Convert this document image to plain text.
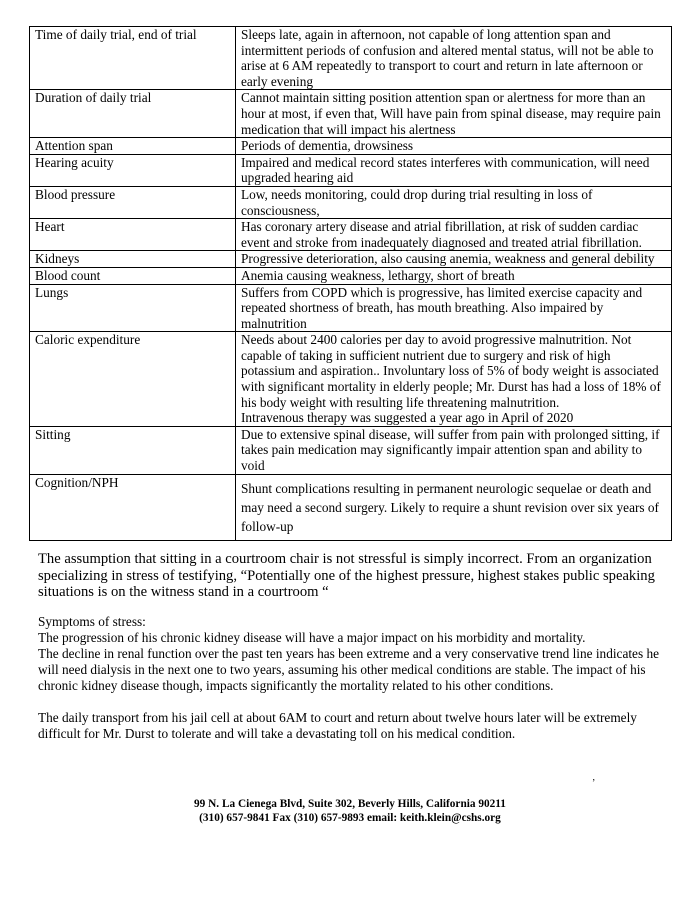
Time of daily trial, end of trial	Sleeps late, again in afternoon, not capable of long attention span and intermittent periods of confusion and altered mental status, will not be able to arise at 6 AM repeatedly to transport to court and return in late afternoon or early evening
Duration of daily trial	Cannot maintain sitting position attention span or alertness for more than an hour at most, if even that, Will have pain from spinal disease, may require pain medication that will impact his alertness
Attention span	Periods of dementia, drowsiness
Hearing acuity	Impaired and medical record states interferes with communication, will need upgraded hearing aid
Blood pressure	Low, needs monitoring, could drop during trial resulting in loss of consciousness,
Heart	Has coronary artery disease and atrial fibrillation, at risk of sudden cardiac event and stroke from inadequately diagnosed and treated atrial fibrillation.
Kidneys	Progressive deterioration, also causing anemia, weakness and general debility
Blood count	Anemia causing weakness, lethargy, short of breath
Lungs	Suffers from COPD which is progressive, has limited exercise capacity and repeated shortness of breath, has mouth breathing. Also impaired by malnutrition
Caloric expenditure	Needs about 2400 calories per day to avoid progressive malnutrition. Not capable of taking in sufficient nutrient due to surgery and risk of high potassium and aspiration.. Involuntary loss of 5% of body weight is associated with significant mortality in elderly people; Mr. Durst has had a loss of 18% of his body weight with resulting life threatening malnutrition.
Intravenous therapy was suggested a year ago in April of 2020
Sitting	Due to extensive spinal disease, will suffer from pain with prolonged sitting, if takes pain medication may significantly impair attention span and ability to void
Cognition/NPH	Shunt complications resulting in permanent neurologic sequelae or death and may need a second surgery. Likely to require a shunt revision over six years of follow-up
The assumption that sitting in a courtroom chair is not stressful is simply incorrect. From an organization specializing in stress of testifying, “Potentially one of the highest pressure, highest stakes public speaking situations is on the witness stand in a courtroom “

Symptoms of stress:

The progression of his chronic kidney disease will have a major impact on his morbidity and mortality.

The decline in renal function over the past ten years has been extreme and a very conservative trend line indicates he will need dialysis in the next one to two years, assuming his other medical conditions are stable. The impact of his chronic kidney disease though, impacts significantly the mortality related to his other conditions.

The daily transport from his jail cell at about 6AM to court and return about twelve hours later will be extremely difficult for Mr. Durst to tolerate and will take a devastating toll on his medical condition.

ʼ
99 N. La Cienega Blvd, Suite 302, Beverly Hills, California 90211
(310) 657-9841 Fax (310) 657-9893 email: keith.klein@cshs.org
